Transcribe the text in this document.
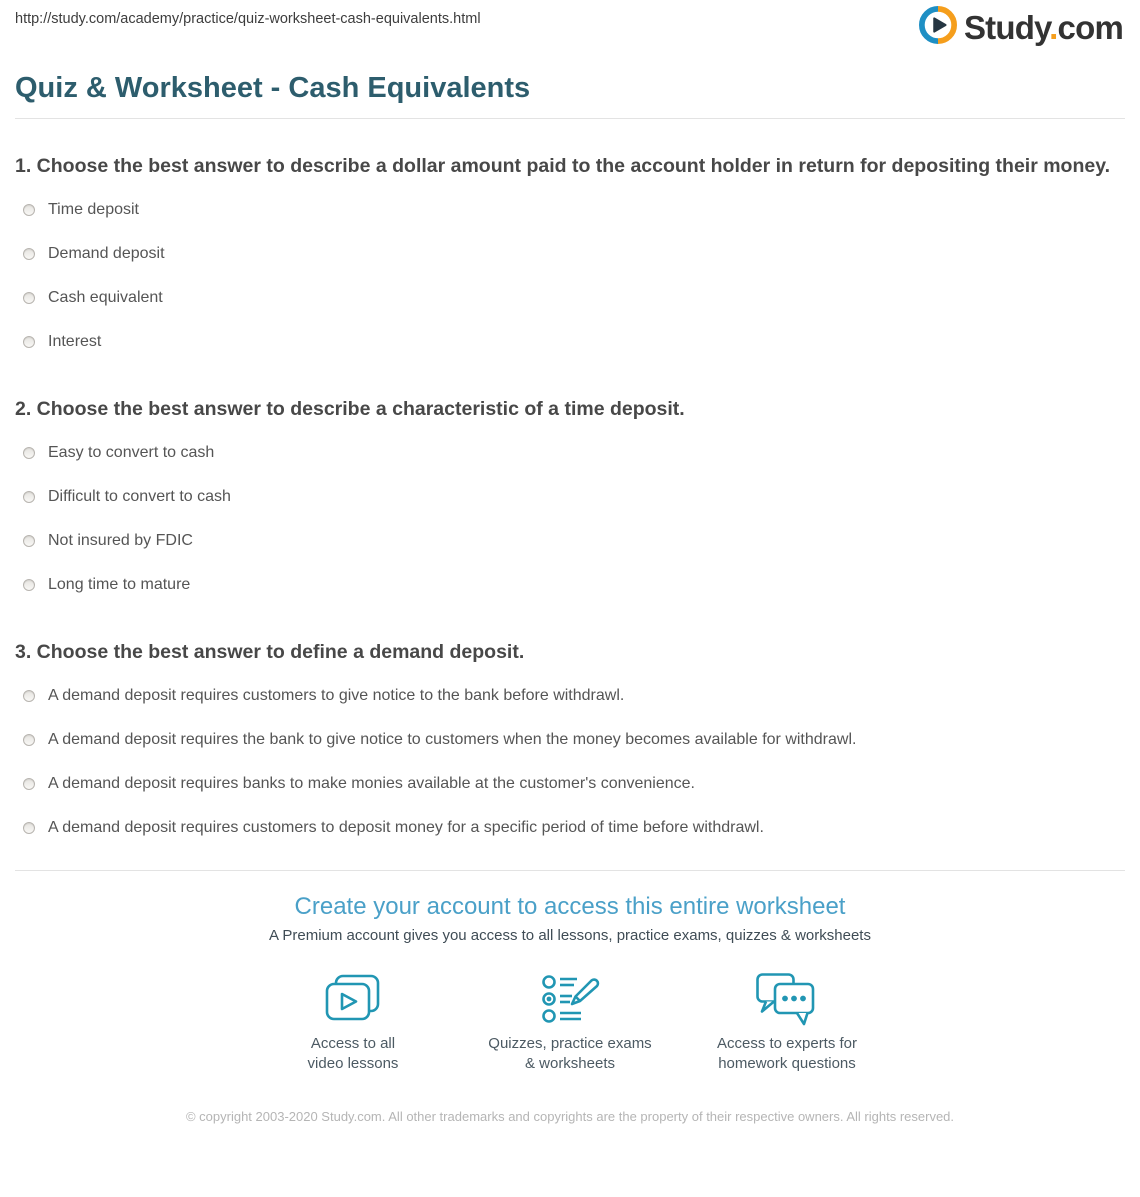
http://study.com/academy/practice/quiz-worksheet-cash-equivalents.html	Study.com
Quiz & Worksheet - Cash Equivalents
1. Choose the best answer to describe a dollar amount paid to the account holder in return for depositing their money.
Time deposit
Demand deposit
Cash equivalent
Interest
2. Choose the best answer to describe a characteristic of a time deposit.
Easy to convert to cash
Difficult to convert to cash
Not insured by FDIC
Long time to mature
3. Choose the best answer to define a demand deposit.
A demand deposit requires customers to give notice to the bank before withdrawl.
A demand deposit requires the bank to give notice to customers when the money becomes available for withdrawl.
A demand deposit requires banks to make monies available at the customer's convenience.
A demand deposit requires customers to deposit money for a specific period of time before withdrawl.
Create your account to access this entire worksheet
A Premium account gives you access to all lessons, practice exams, quizzes & worksheets
Access to all
video lessons
Quizzes, practice exams
& worksheets
Access to experts for
homework questions
© copyright 2003-2020 Study.com. All other trademarks and copyrights are the property of their respective owners. All rights reserved.
